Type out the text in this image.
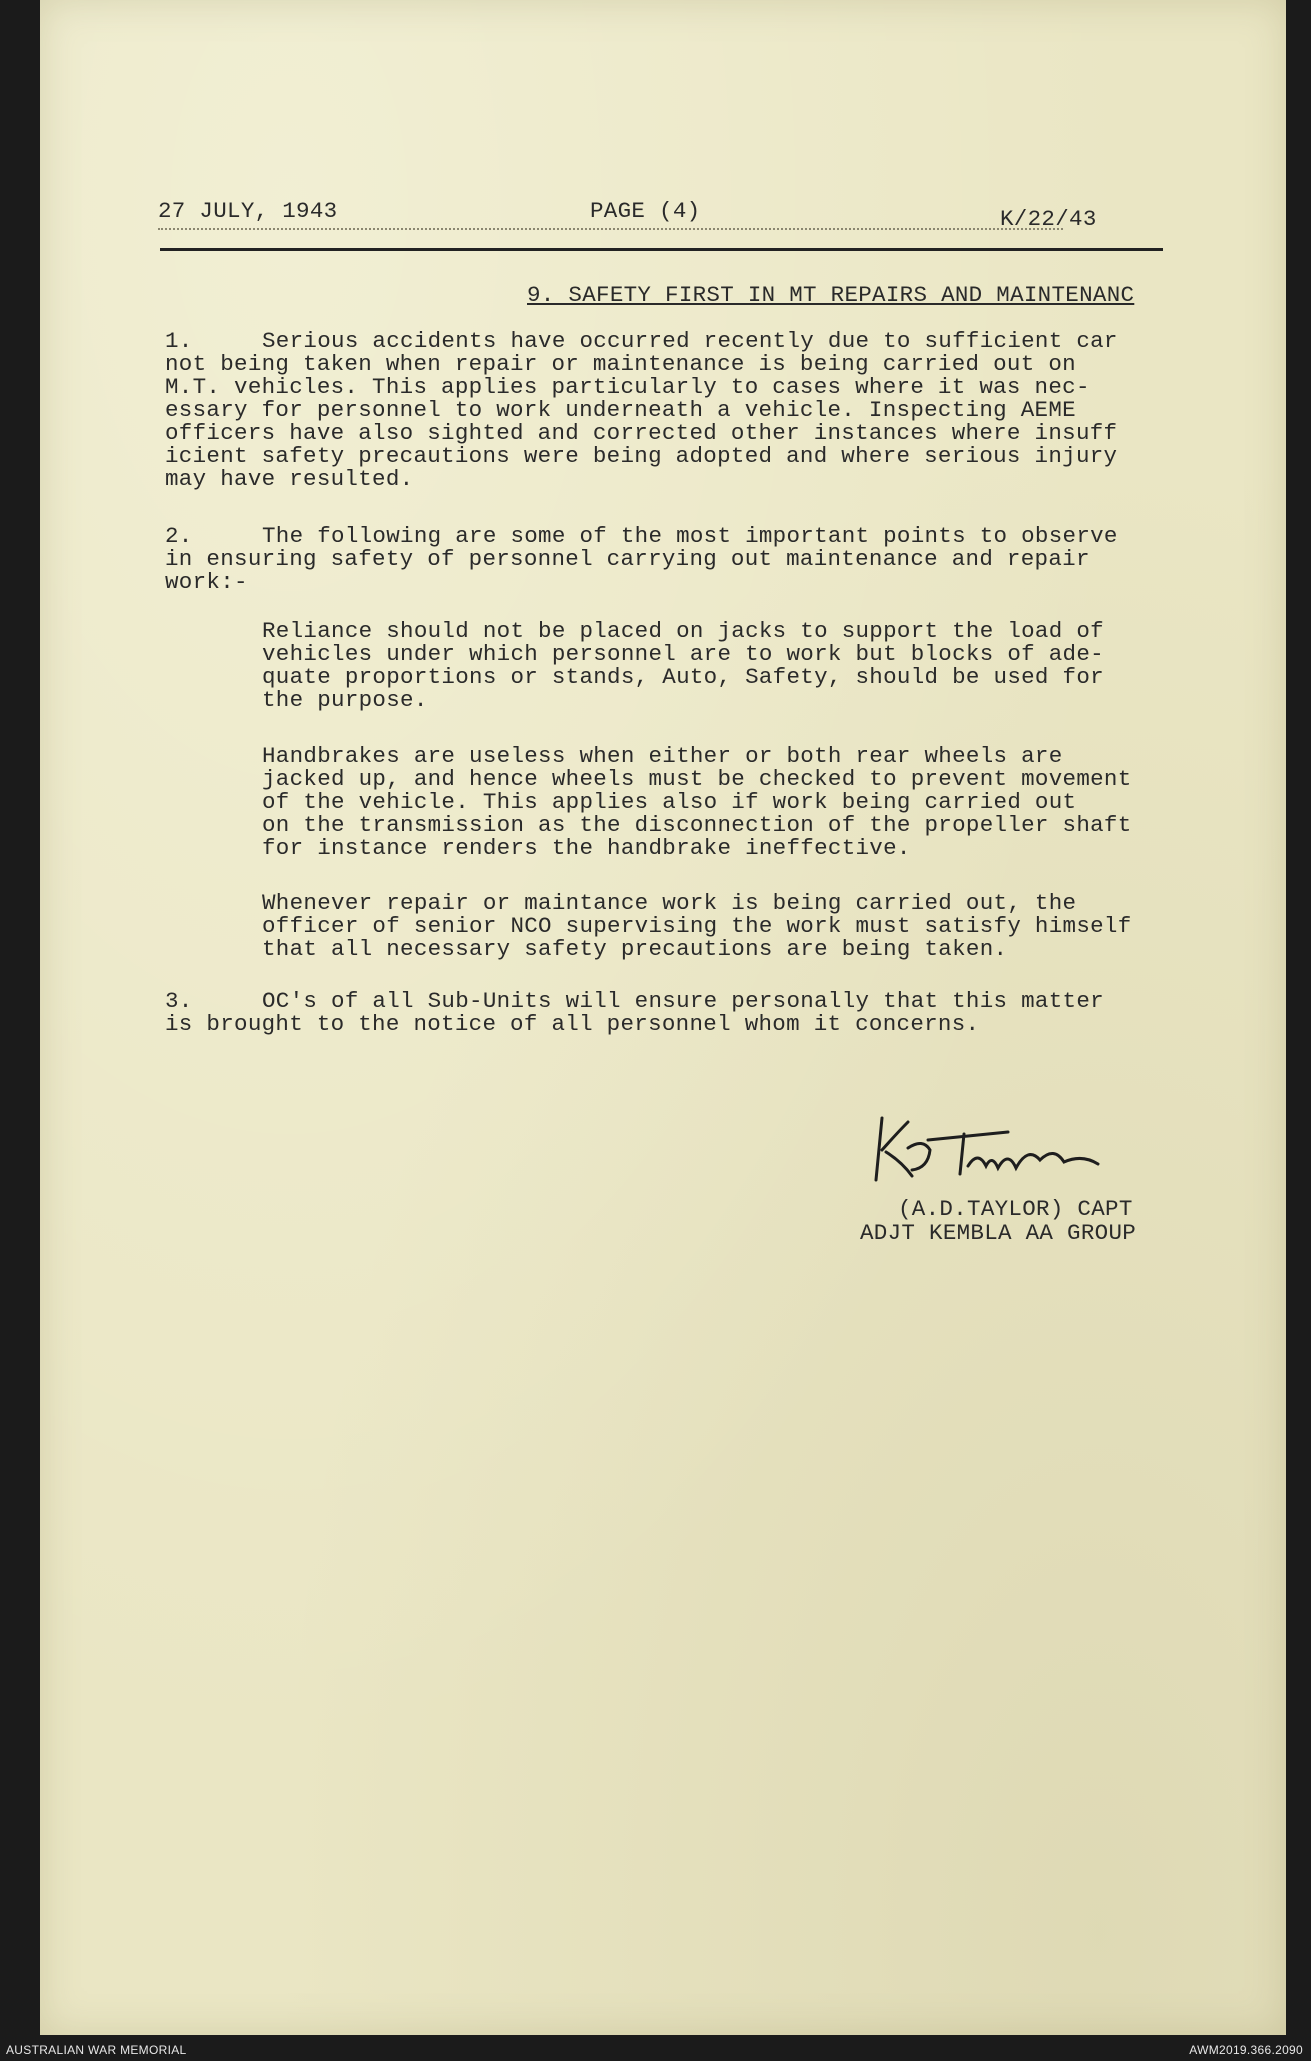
27 JULY, 1943	PAGE (4)	K/22/43
9. SAFETY FIRST IN MT REPAIRS AND MAINTENANC
1.	Serious accidents have occurred recently due to sufficient car
not being taken when repair or maintenance is being carried out on
M.T. vehicles. This applies particularly to cases where it was nec-
essary for personnel to work underneath a vehicle. Inspecting AEME
officers have also sighted and corrected other instances where insuff
icient safety precautions were being adopted and where serious injury
may have resulted.
2.	The following are some of the most important points to observe
in ensuring safety of personnel carrying out maintenance and repair
work:-
Reliance should not be placed on jacks to support the load of
vehicles under which personnel are to work but blocks of ade-
quate proportions or stands, Auto, Safety, should be used for
the purpose.
Handbrakes are useless when either or both rear wheels are
jacked up, and hence wheels must be checked to prevent movement
of the vehicle. This applies also if work being carried out
on the transmission as the disconnection of the propeller shaft
for instance renders the handbrake ineffective.
Whenever repair or maintance work is being carried out, the
officer of senior NCO supervising the work must satisfy himself
that all necessary safety precautions are being taken.
3.	OC's of all Sub-Units will ensure personally that this matter
is brought to the notice of all personnel whom it concerns.
(A.D.TAYLOR) CAPT
ADJT KEMBLA AA GROUP
AUSTRALIAN WAR MEMORIAL	AWM2019.366.2090
